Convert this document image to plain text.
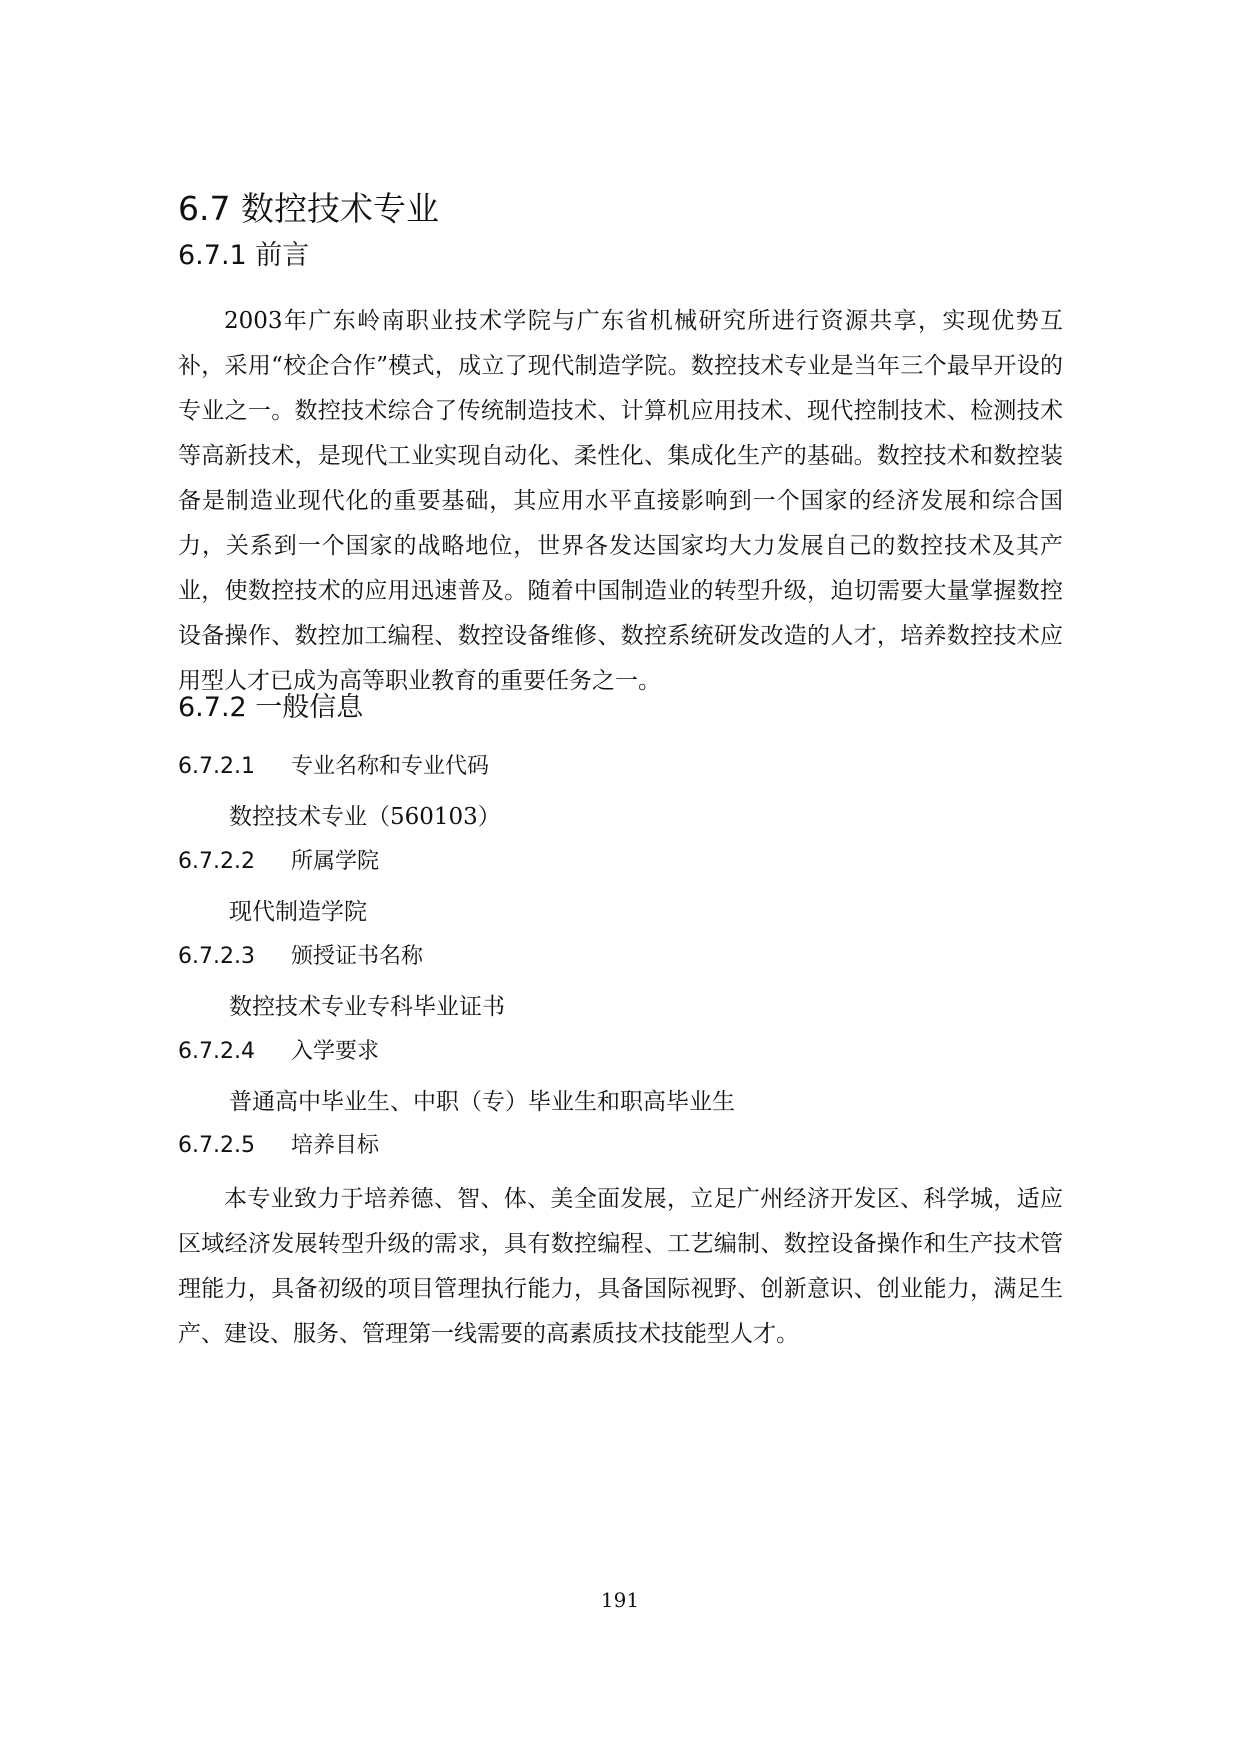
6.7 数控技术专业
6.7.1 前言

2003年广东岭南职业技术学院与广东省机械研究所进行资源共享，实现优势互补，采用“校企合作”模式，成立了现代制造学院。数控技术专业是当年三个最早开设的专业之一。数控技术综合了传统制造技术、计算机应用技术、现代控制技术、检测技术等高新技术，是现代工业实现自动化、柔性化、集成化生产的基础。数控技术和数控装备是制造业现代化的重要基础，其应用水平直接影响到一个国家的经济发展和综合国力，关系到一个国家的战略地位，世界各发达国家均大力发展自己的数控技术及其产业，使数控技术的应用迅速普及。随着中国制造业的转型升级，迫切需要大量掌握数控设备操作、数控加工编程、数控设备维修、数控系统研发改造的人才，培养数控技术应用型人才已成为高等职业教育的重要任务之一。

6.7.2 一般信息
6.7.2.1 专业名称和专业代码
数控技术专业（560103）
6.7.2.2 所属学院
现代制造学院
6.7.2.3 颁授证书名称
数控技术专业专科毕业证书
6.7.2.4 入学要求
普通高中毕业生、中职（专）毕业生和职高毕业生
6.7.2.5 培养目标

本专业致力于培养德、智、体、美全面发展，立足广州经济开发区、科学城，适应区域经济发展转型升级的需求，具有数控编程、工艺编制、数控设备操作和生产技术管理能力，具备初级的项目管理执行能力，具备国际视野、创新意识、创业能力，满足生产、建设、服务、管理第一线需要的高素质技术技能型人才。

191
